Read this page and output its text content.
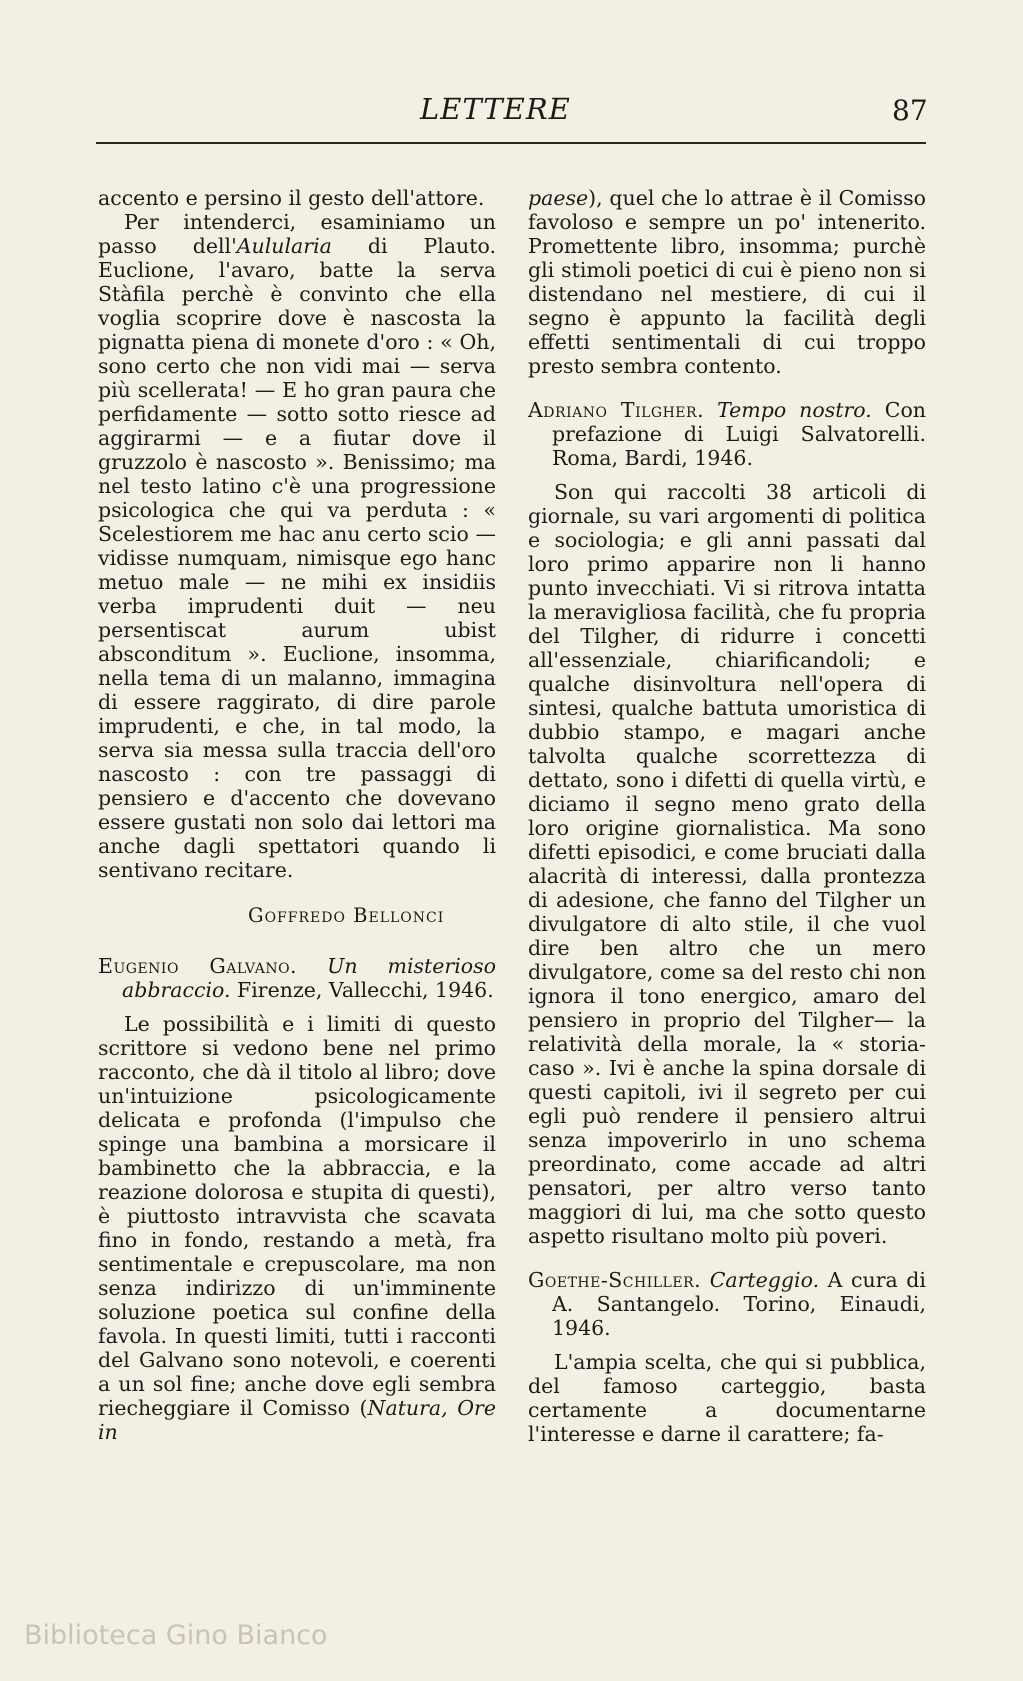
LETTERE	87

accento e persino il gesto dell'attore.

Per intenderci, esaminiamo un passo dell'Aulularia di Plauto. Euclione, l'avaro, batte la serva Stàfila perchè è convinto che ella voglia scoprire dove è nascosta la pignatta piena di monete d'oro : « Oh, sono certo che non vidi mai — serva più scellerata! — E ho gran paura che perfidamente — sotto sotto riesce ad aggirarmi — e a fiutar dove il gruzzolo è nascosto ». Benissimo; ma nel testo latino c'è una progressione psicologica che qui va perduta : « Scelestiorem me hac anu certo scio — vidisse numquam, nimisque ego hanc metuo male — ne mihi ex insidiis verba imprudenti duit — neu persentiscat aurum ubist absconditum ». Euclione, insomma, nella tema di un malanno, immagina di essere raggirato, di dire parole imprudenti, e che, in tal modo, la serva sia messa sulla traccia dell'oro nascosto : con tre passaggi di pensiero e d'accento che dovevano essere gustati non solo dai lettori ma anche dagli spettatori quando li sentivano recitare.

Goffredo Bellonci

Eugenio Galvano. Un misterioso abbraccio. Firenze, Vallecchi, 1946.

Le possibilità e i limiti di questo scrittore si vedono bene nel primo racconto, che dà il titolo al libro; dove un'intuizione psicologicamente delicata e profonda (l'impulso che spinge una bambina a morsicare il bambinetto che la abbraccia, e la reazione dolorosa e stupita di questi), è piuttosto intravvista che scavata fino in fondo, restando a metà, fra sentimentale e crepuscolare, ma non senza indirizzo di un'imminente soluzione poetica sul confine della favola. In questi limiti, tutti i racconti del Galvano sono notevoli, e coerenti a un sol fine; anche dove egli sembra riecheggiare il Comisso (Natura, Ore in

paese), quel che lo attrae è il Comisso favoloso e sempre un po' intenerito. Promettente libro, insomma; purchè gli stimoli poetici di cui è pieno non si distendano nel mestiere, di cui il segno è appunto la facilità degli effetti sentimentali di cui troppo presto sembra contento.

Adriano Tilgher. Tempo nostro. Con prefazione di Luigi Salvatorelli. Roma, Bardi, 1946.

Son qui raccolti 38 articoli di giornale, su vari argomenti di politica e sociologia; e gli anni passati dal loro primo apparire non li hanno punto invecchiati. Vi si ritrova intatta la meravigliosa facilità, che fu propria del Tilgher, di ridurre i concetti all'essenziale, chiarificandoli; e qualche disinvoltura nell'opera di sintesi, qualche battuta umoristica di dubbio stampo, e magari anche talvolta qualche scorrettezza di dettato, sono i difetti di quella virtù, e diciamo il segno meno grato della loro origine giornalistica. Ma sono difetti episodici, e come bruciati dalla alacrità di interessi, dalla prontezza di adesione, che fanno del Tilgher un divulgatore di alto stile, il che vuol dire ben altro che un mero divulgatore, come sa del resto chi non ignora il tono energico, amaro del pensiero in proprio del Tilgher— la relatività della morale, la « storia-caso ». Ivi è anche la spina dorsale di questi capitoli, ivi il segreto per cui egli può rendere il pensiero altrui senza impoverirlo in uno schema preordinato, come accade ad altri pensatori, per altro verso tanto maggiori di lui, ma che sotto questo aspetto risultano molto più poveri.

Goethe-Schiller. Carteggio. A cura di A. Santangelo. Torino, Einaudi, 1946.

L'ampia scelta, che qui si pubblica, del famoso carteggio, basta certamente a documentarne l'interesse e darne il carattere; fa-

Biblioteca Gino Bianco
